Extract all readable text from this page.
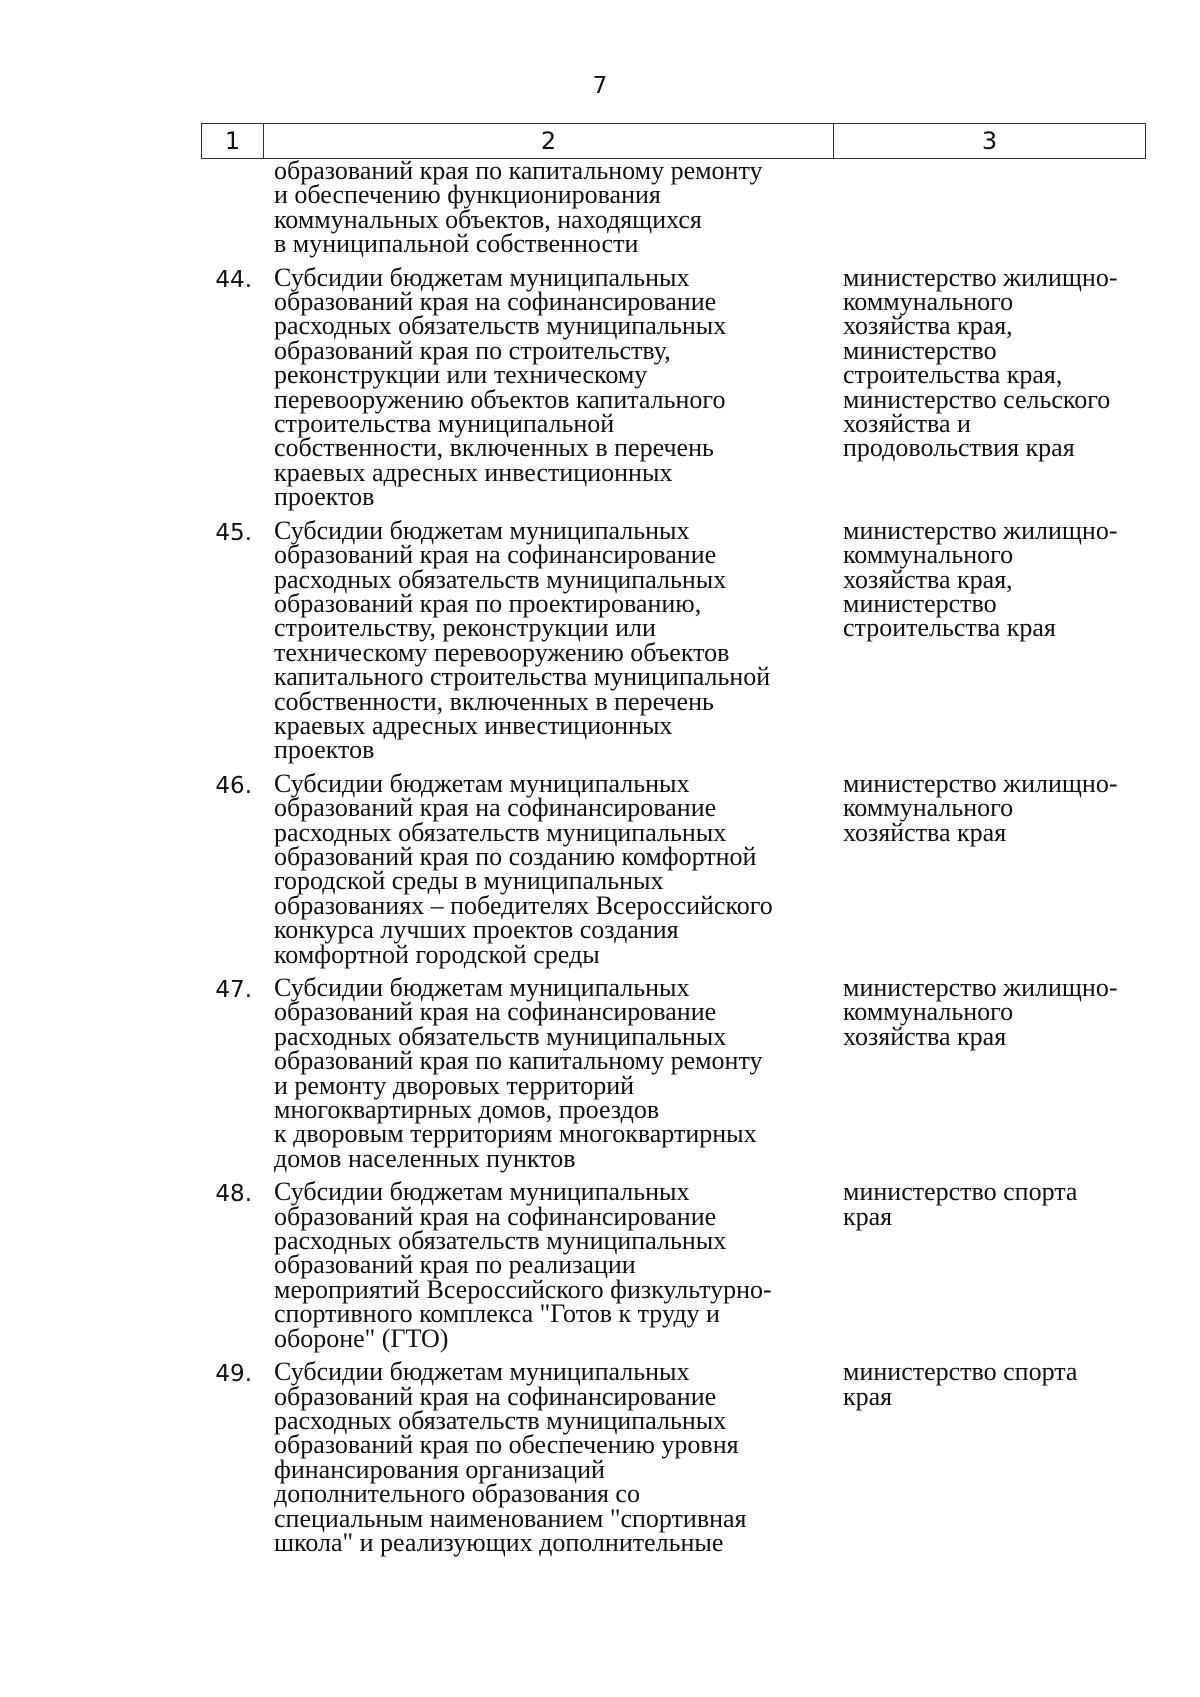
7
1	2	3
образований края по капитальному ремонту
и обеспечению функционирования
коммунальных объектов, находящихся
в муниципальной собственности
44. Субсидии бюджетам муниципальных
образований края на софинансирование
расходных обязательств муниципальных
образований края по строительству,
реконструкции или техническому
перевооружению объектов капитального
строительства муниципальной
собственности, включенных в перечень
краевых адресных инвестиционных
проектов
министерство жилищно-
коммунального
хозяйства края,
министерство
строительства края,
министерство сельского
хозяйства и
продовольствия края
45. Субсидии бюджетам муниципальных
образований края на софинансирование
расходных обязательств муниципальных
образований края по проектированию,
строительству, реконструкции или
техническому перевооружению объектов
капитального строительства муниципальной
собственности, включенных в перечень
краевых адресных инвестиционных
проектов
министерство жилищно-
коммунального
хозяйства края,
министерство
строительства края
46. Субсидии бюджетам муниципальных
образований края на софинансирование
расходных обязательств муниципальных
образований края по созданию комфортной
городской среды в муниципальных
образованиях – победителях Всероссийского
конкурса лучших проектов создания
комфортной городской среды
министерство жилищно-
коммунального
хозяйства края
47. Субсидии бюджетам муниципальных
образований края на софинансирование
расходных обязательств муниципальных
образований края по капитальному ремонту
и ремонту дворовых территорий
многоквартирных домов, проездов
к дворовым территориям многоквартирных
домов населенных пунктов
министерство жилищно-
коммунального
хозяйства края
48. Субсидии бюджетам муниципальных
образований края на софинансирование
расходных обязательств муниципальных
образований края по реализации
мероприятий Всероссийского физкультурно-
спортивного комплекса "Готов к труду и
обороне" (ГТО)
министерство спорта
края
49. Субсидии бюджетам муниципальных
образований края на софинансирование
расходных обязательств муниципальных
образований края по обеспечению уровня
финансирования организаций
дополнительного образования со
специальным наименованием "спортивная
школа" и реализующих дополнительные
министерство спорта
края
